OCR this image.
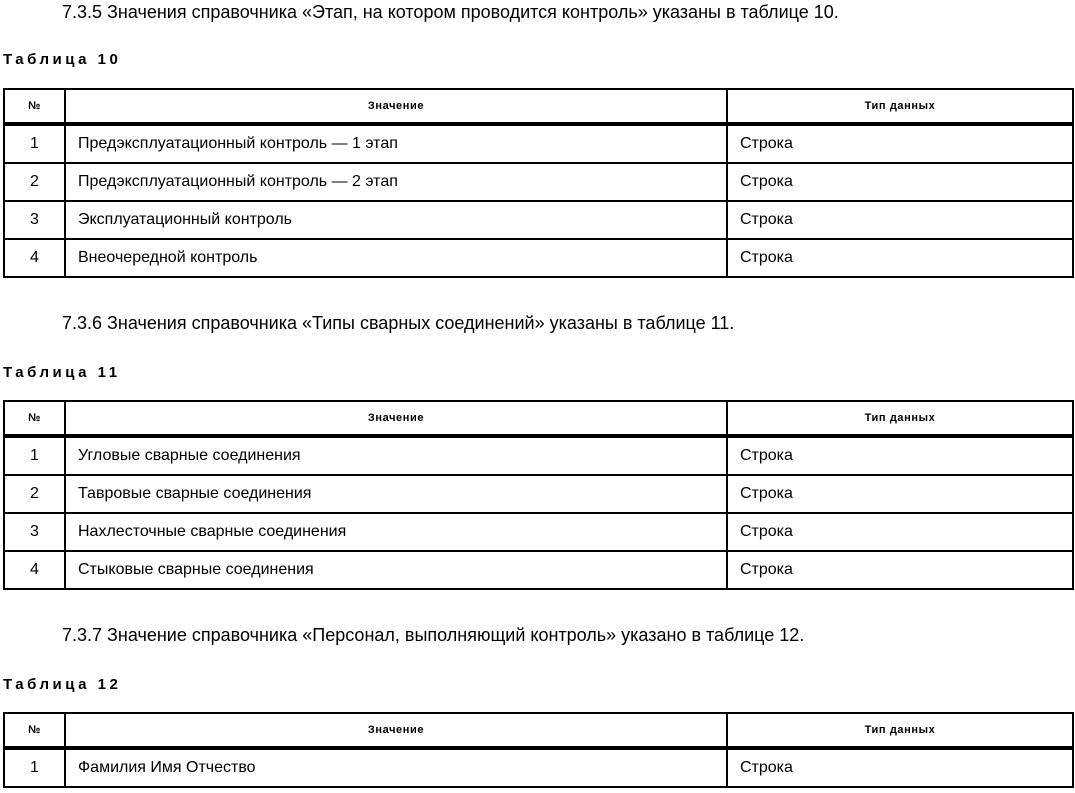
7.3.5 Значения справочника «Этап, на котором проводится контроль» указаны в таблице 10.
Таблица 10
№	Значение	Тип данных
1	Предэксплуатационный контроль — 1 этап	Строка
2	Предэксплуатационный контроль — 2 этап	Строка
3	Эксплуатационный контроль	Строка
4	Внеочередной контроль	Строка
7.3.6 Значения справочника «Типы сварных соединений» указаны в таблице 11.
Таблица 11
№	Значение	Тип данных
1	Угловые сварные соединения	Строка
2	Тавровые сварные соединения	Строка
3	Нахлесточные сварные соединения	Строка
4	Стыковые сварные соединения	Строка
7.3.7 Значение справочника «Персонал, выполняющий контроль» указано в таблице 12.
Таблица 12
№	Значение	Тип данных
1	Фамилия Имя Отчество	Строка
